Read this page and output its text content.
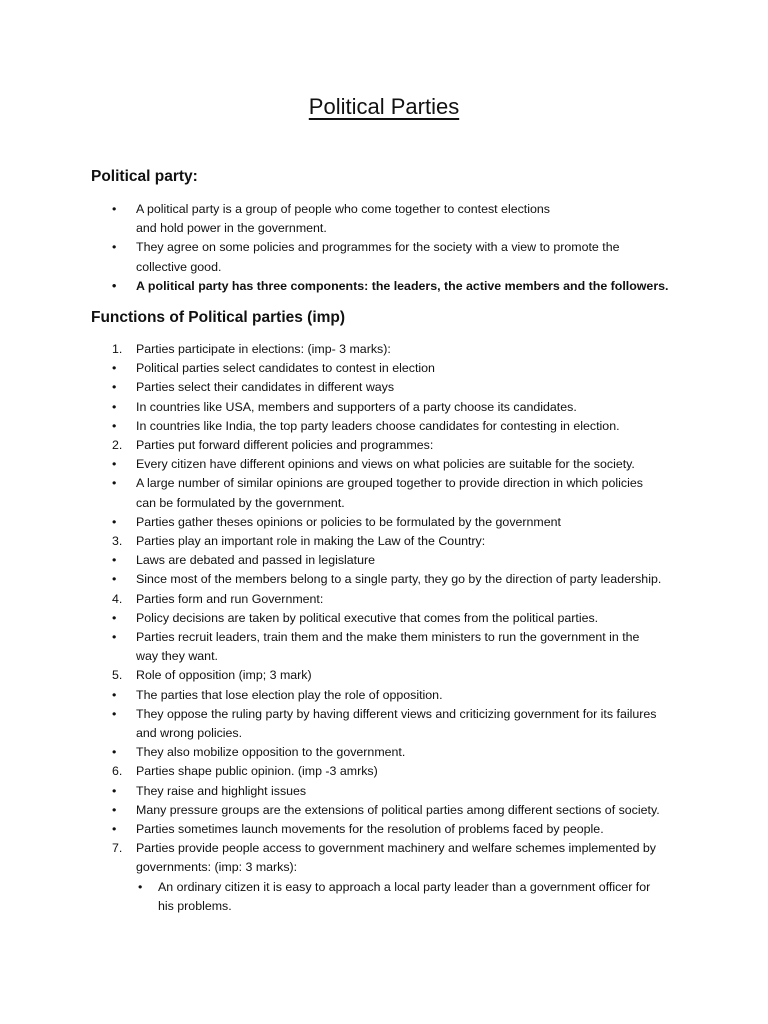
Political Parties
Political party:
• A political party is a group of people who come together to contest elections
and hold power in the government.
• They agree on some policies and programmes for the society with a view to promote the
collective good.
• A political party has three components: the leaders, the active members and the followers.
Functions of Political parties (imp)
1. Parties participate in elections: (imp- 3 marks):
• Political parties select candidates to contest in election
• Parties select their candidates in different ways
• In countries like USA, members and supporters of a party choose its candidates.
• In countries like India, the top party leaders choose candidates for contesting in election.
2. Parties put forward different policies and programmes:
• Every citizen have different opinions and views on what policies are suitable for the society.
• A large number of similar opinions are grouped together to provide direction in which policies
can be formulated by the government.
• Parties gather theses opinions or policies to be formulated by the government
3. Parties play an important role in making the Law of the Country:
• Laws are debated and passed in legislature
• Since most of the members belong to a single party, they go by the direction of party leadership.
4. Parties form and run Government:
• Policy decisions are taken by political executive that comes from the political parties.
• Parties recruit leaders, train them and the make them ministers to run the government in the
way they want.
5. Role of opposition (imp; 3 mark)
• The parties that lose election play the role of opposition.
• They oppose the ruling party by having different views and criticizing government for its failures
and wrong policies.
• They also mobilize opposition to the government.
6. Parties shape public opinion. (imp -3 amrks)
• They raise and highlight issues
• Many pressure groups are the extensions of political parties among different sections of society.
• Parties sometimes launch movements for the resolution of problems faced by people.
7. Parties provide people access to government machinery and welfare schemes implemented by
governments: (imp: 3 marks):
• An ordinary citizen it is easy to approach a local party leader than a government officer for
his problems.
